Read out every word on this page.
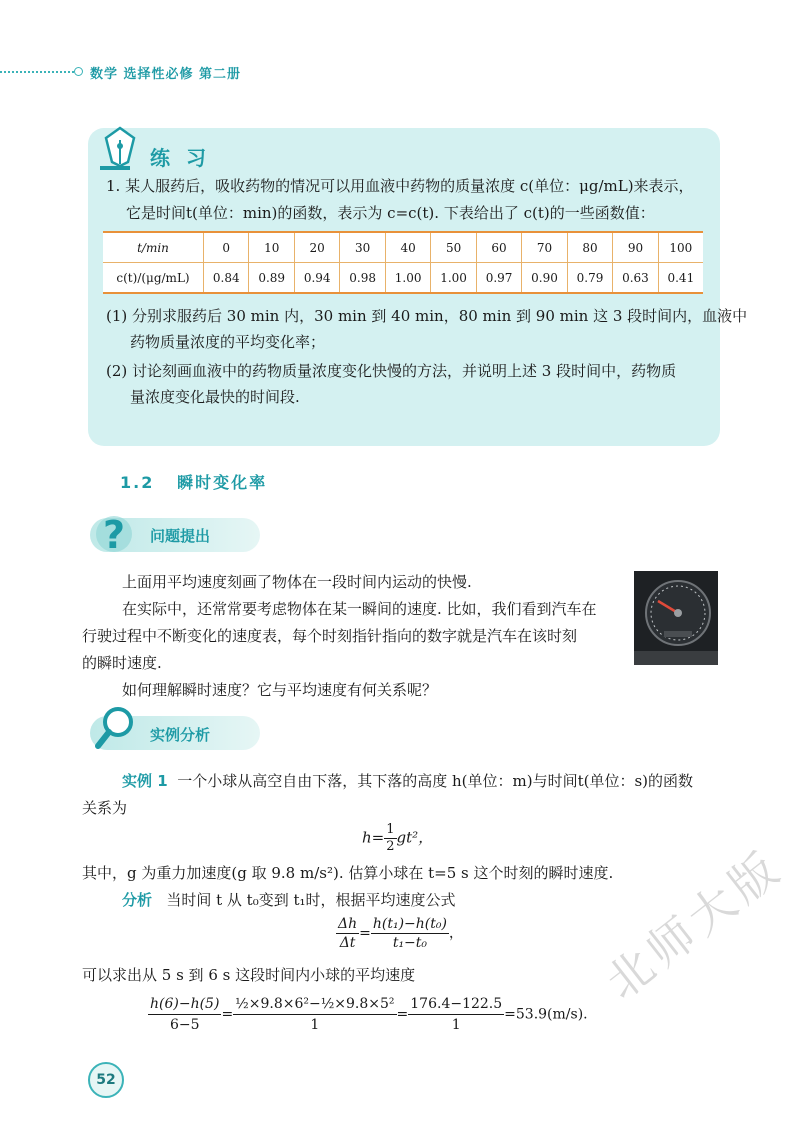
数学 选择性必修 第二册
练习
1. 某人服药后，吸收药物的情况可以用血液中药物的质量浓度 c(单位：μg/mL)来表示，
它是时间t(单位：min)的函数，表示为 c=c(t). 下表给出了 c(t)的一些函数值：
t/min	0	10	20	30	40	50	60	70	80	90	100
c(t)/(μg/mL)	0.84	0.89	0.94	0.98	1.00	1.00	0.97	0.90	0.79	0.63	0.41
(1) 分别求服药后 30 min 内，30 min 到 40 min，80 min 到 90 min 这 3 段时间内，血液中
药物质量浓度的平均变化率；
(2) 讨论刻画血液中的药物质量浓度变化快慢的方法，并说明上述 3 段时间中，药物质
量浓度变化最快的时间段.
1.2 瞬时变化率
? 问题提出
上面用平均速度刻画了物体在一段时间内运动的快慢.
在实际中，还常常要考虑物体在某一瞬间的速度. 比如，我们看到汽车在
行驶过程中不断变化的速度表，每个时刻指针指向的数字就是汽车在该时刻
的瞬时速度.
如何理解瞬时速度？它与平均速度有何关系呢？
实例分析
实例 1 一个小球从高空自由下落，其下落的高度 h(单位：m)与时间t(单位：s)的函数
关系为
$h= \frac{1}{2} gt^2$，
其中，g 为重力加速度(g 取 9.8 m/s²). 估算小球在 t=5 s 这个时刻的瞬时速度.
分析 当时间 t 从 t₀变到 t₁时，根据平均速度公式
$\frac{\Delta h}{\Delta t} = \frac{\text{h(t₁)−h(t₀)}}{\text{t₁−t₀}}$ ，
可以求出从 5 s 到 6 s 这段时间内小球的平均速度
$\frac{h(6)-h(5)}{6-5} = \frac{\text{½×9.8×6²−½×9.8×5²}}{1} = \frac{176.4-122.5}{1} =53.9(m/s)$.
52
北师大版
